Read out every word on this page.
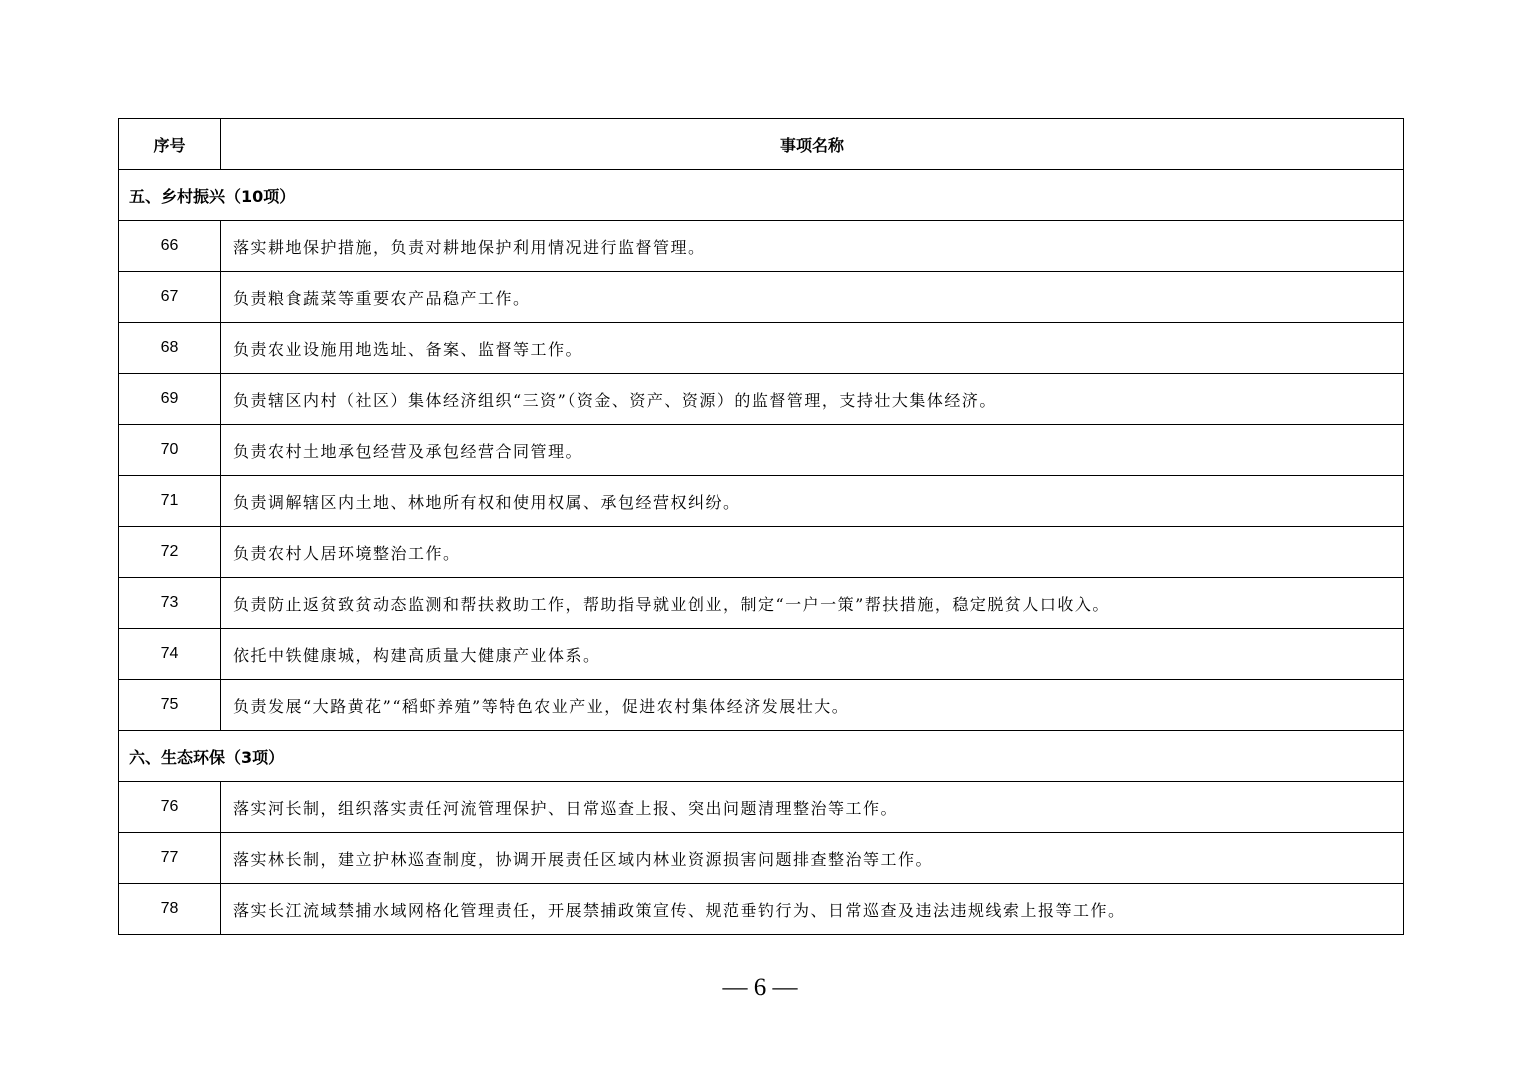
序号	事项名称
五、乡村振兴（10项）	
66	落实耕地保护措施，负责对耕地保护利用情况进行监督管理。
67	负责粮食蔬菜等重要农产品稳产工作。
68	负责农业设施用地选址、备案、监督等工作。
69	负责辖区内村（社区）集体经济组织“三资”（资金、资产、资源）的监督管理，支持壮大集体经济。
70	负责农村土地承包经营及承包经营合同管理。
71	负责调解辖区内土地、林地所有权和使用权属、承包经营权纠纷。
72	负责农村人居环境整治工作。
73	负责防止返贫致贫动态监测和帮扶救助工作，帮助指导就业创业，制定“一户一策”帮扶措施，稳定脱贫人口收入。
74	依托中铁健康城，构建高质量大健康产业体系。
75	负责发展“大路黄花”“稻虾养殖”等特色农业产业，促进农村集体经济发展壮大。
六、生态环保（3项）	
76	落实河长制，组织落实责任河流管理保护、日常巡查上报、突出问题清理整治等工作。
77	落实林长制，建立护林巡查制度，协调开展责任区域内林业资源损害问题排查整治等工作。
78	落实长江流域禁捕水域网格化管理责任，开展禁捕政策宣传、规范垂钓行为、日常巡查及违法违规线索上报等工作。
— 6 —
